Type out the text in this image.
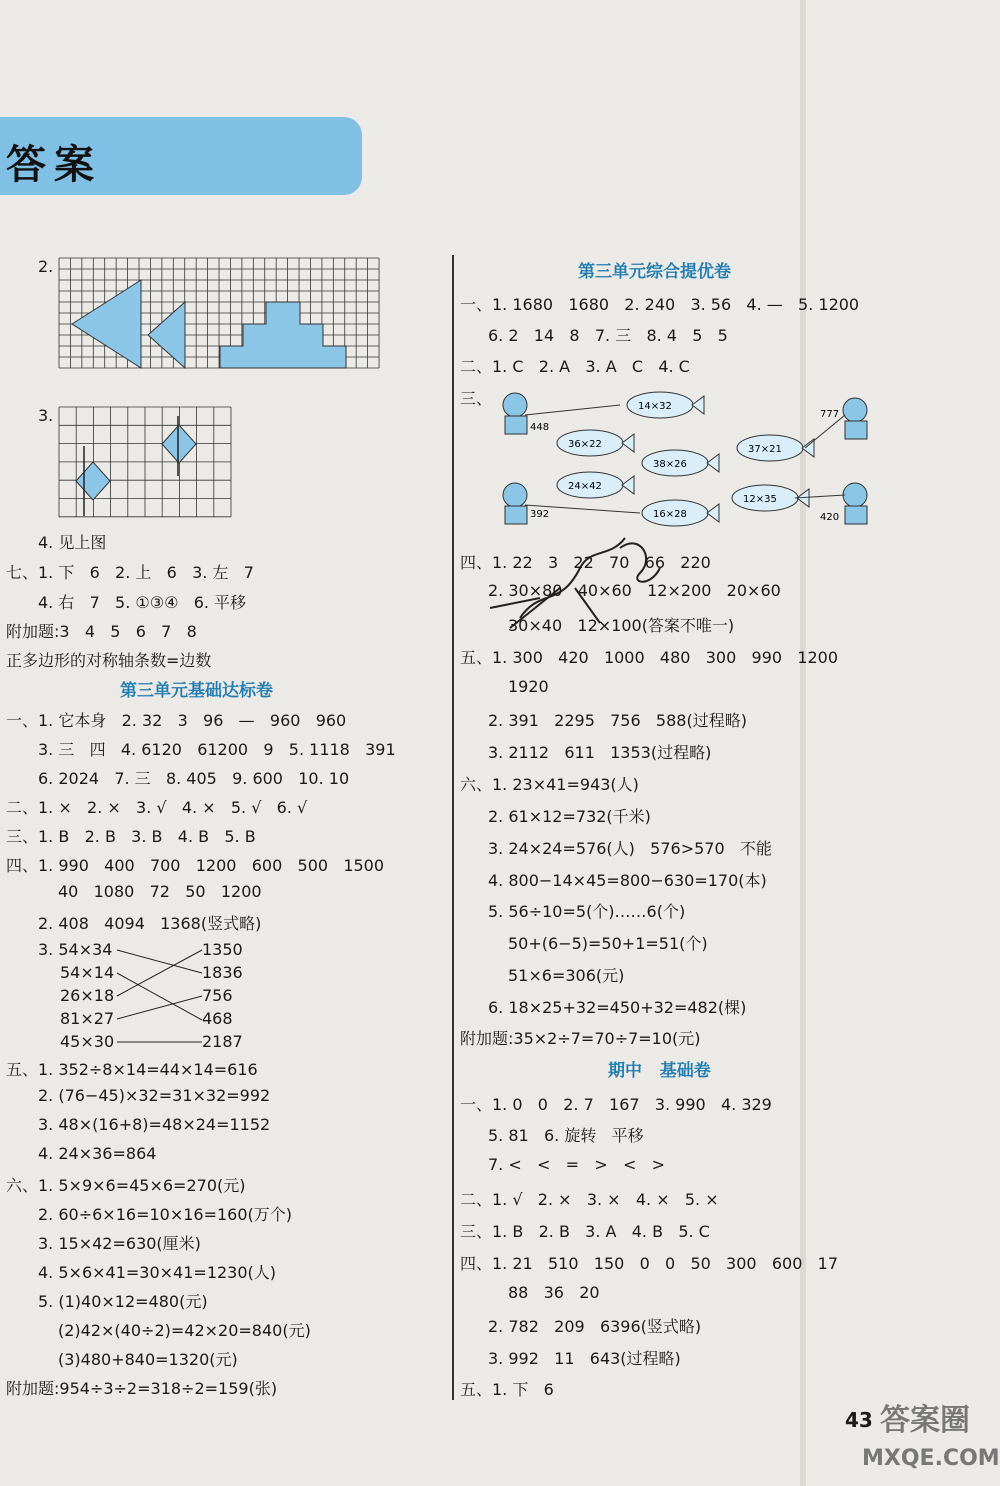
答案
14×32
36×22
38×26
37×21
24×42
12×35
16×28
448
777
392	420
2.
3.
4. 见上图
七、1. 下   6   2. 上   6   3. 左   7
4. 右   7   5. ①③④   6. 平移
附加题:3   4   5   6   7   8
正多边形的对称轴条数=边数
一、1. 它本身   2. 32   3   96   —   960   960
3. 三   四   4. 6120   61200   9   5. 1118   391
6. 2024   7. 三   8. 405   9. 600   10. 10
二、1. ×   2. ×   3. √   4. ×   5. √   6. √
三、1. B   2. B   3. B   4. B   5. B
四、1. 990   400   700   1200   600   500   1500
40   1080   72   50   1200
2. 408   4094   1368(竖式略)
3. 54×34
54×14
26×18
81×27
45×30
1350
1836
756
468
2187
五、1. 352÷8×14=44×14=616
2. (76−45)×32=31×32=992
3. 48×(16+8)=48×24=1152
4. 24×36=864
六、1. 5×9×6=45×6=270(元)
2. 60÷6×16=10×16=160(万个)
3. 15×42=630(厘米)
4. 5×6×41=30×41=1230(人)
5. (1)40×12=480(元)
(2)42×(40÷2)=42×20=840(元)
(3)480+840=1320(元)
附加题:954÷3÷2=318÷2=159(张)
一、1. 1680   1680   2. 240   3. 56   4. —   5. 1200
6. 2   14   8   7. 三   8. 4   5   5
二、1. C   2. A   3. A   C   4. C
三、
四、1. 22   3   22   70   66   220
2. 30×80   40×60   12×200   20×60
30×40   12×100(答案不唯一)
五、1. 300   420   1000   480   300   990   1200
1920
2. 391   2295   756   588(过程略)
3. 2112   611   1353(过程略)
六、1. 23×41=943(人)
2. 61×12=732(千米)
3. 24×24=576(人)   576>570   不能
4. 800−14×45=800−630=170(本)
5. 56÷10=5(个)……6(个)
50+(6−5)=50+1=51(个)
51×6=306(元)
6. 18×25+32=450+32=482(棵)
附加题:35×2÷7=70÷7=10(元)
一、1. 0   0   2. 7   167   3. 990   4. 329
5. 81   6. 旋转   平移
7. <   <   =   >   <   >
二、1. √   2. ×   3. ×   4. ×   5. ×
三、1. B   2. B   3. A   4. B   5. C
四、1. 21   510   150   0   0   50   300   600   17
88   36   20
2. 782   209   6396(竖式略)
3. 992   11   643(过程略)
五、1. 下   6
第三单元基础达标卷
第三单元综合提优卷
期中   基础卷
43 答案圈
MXQE.COM
